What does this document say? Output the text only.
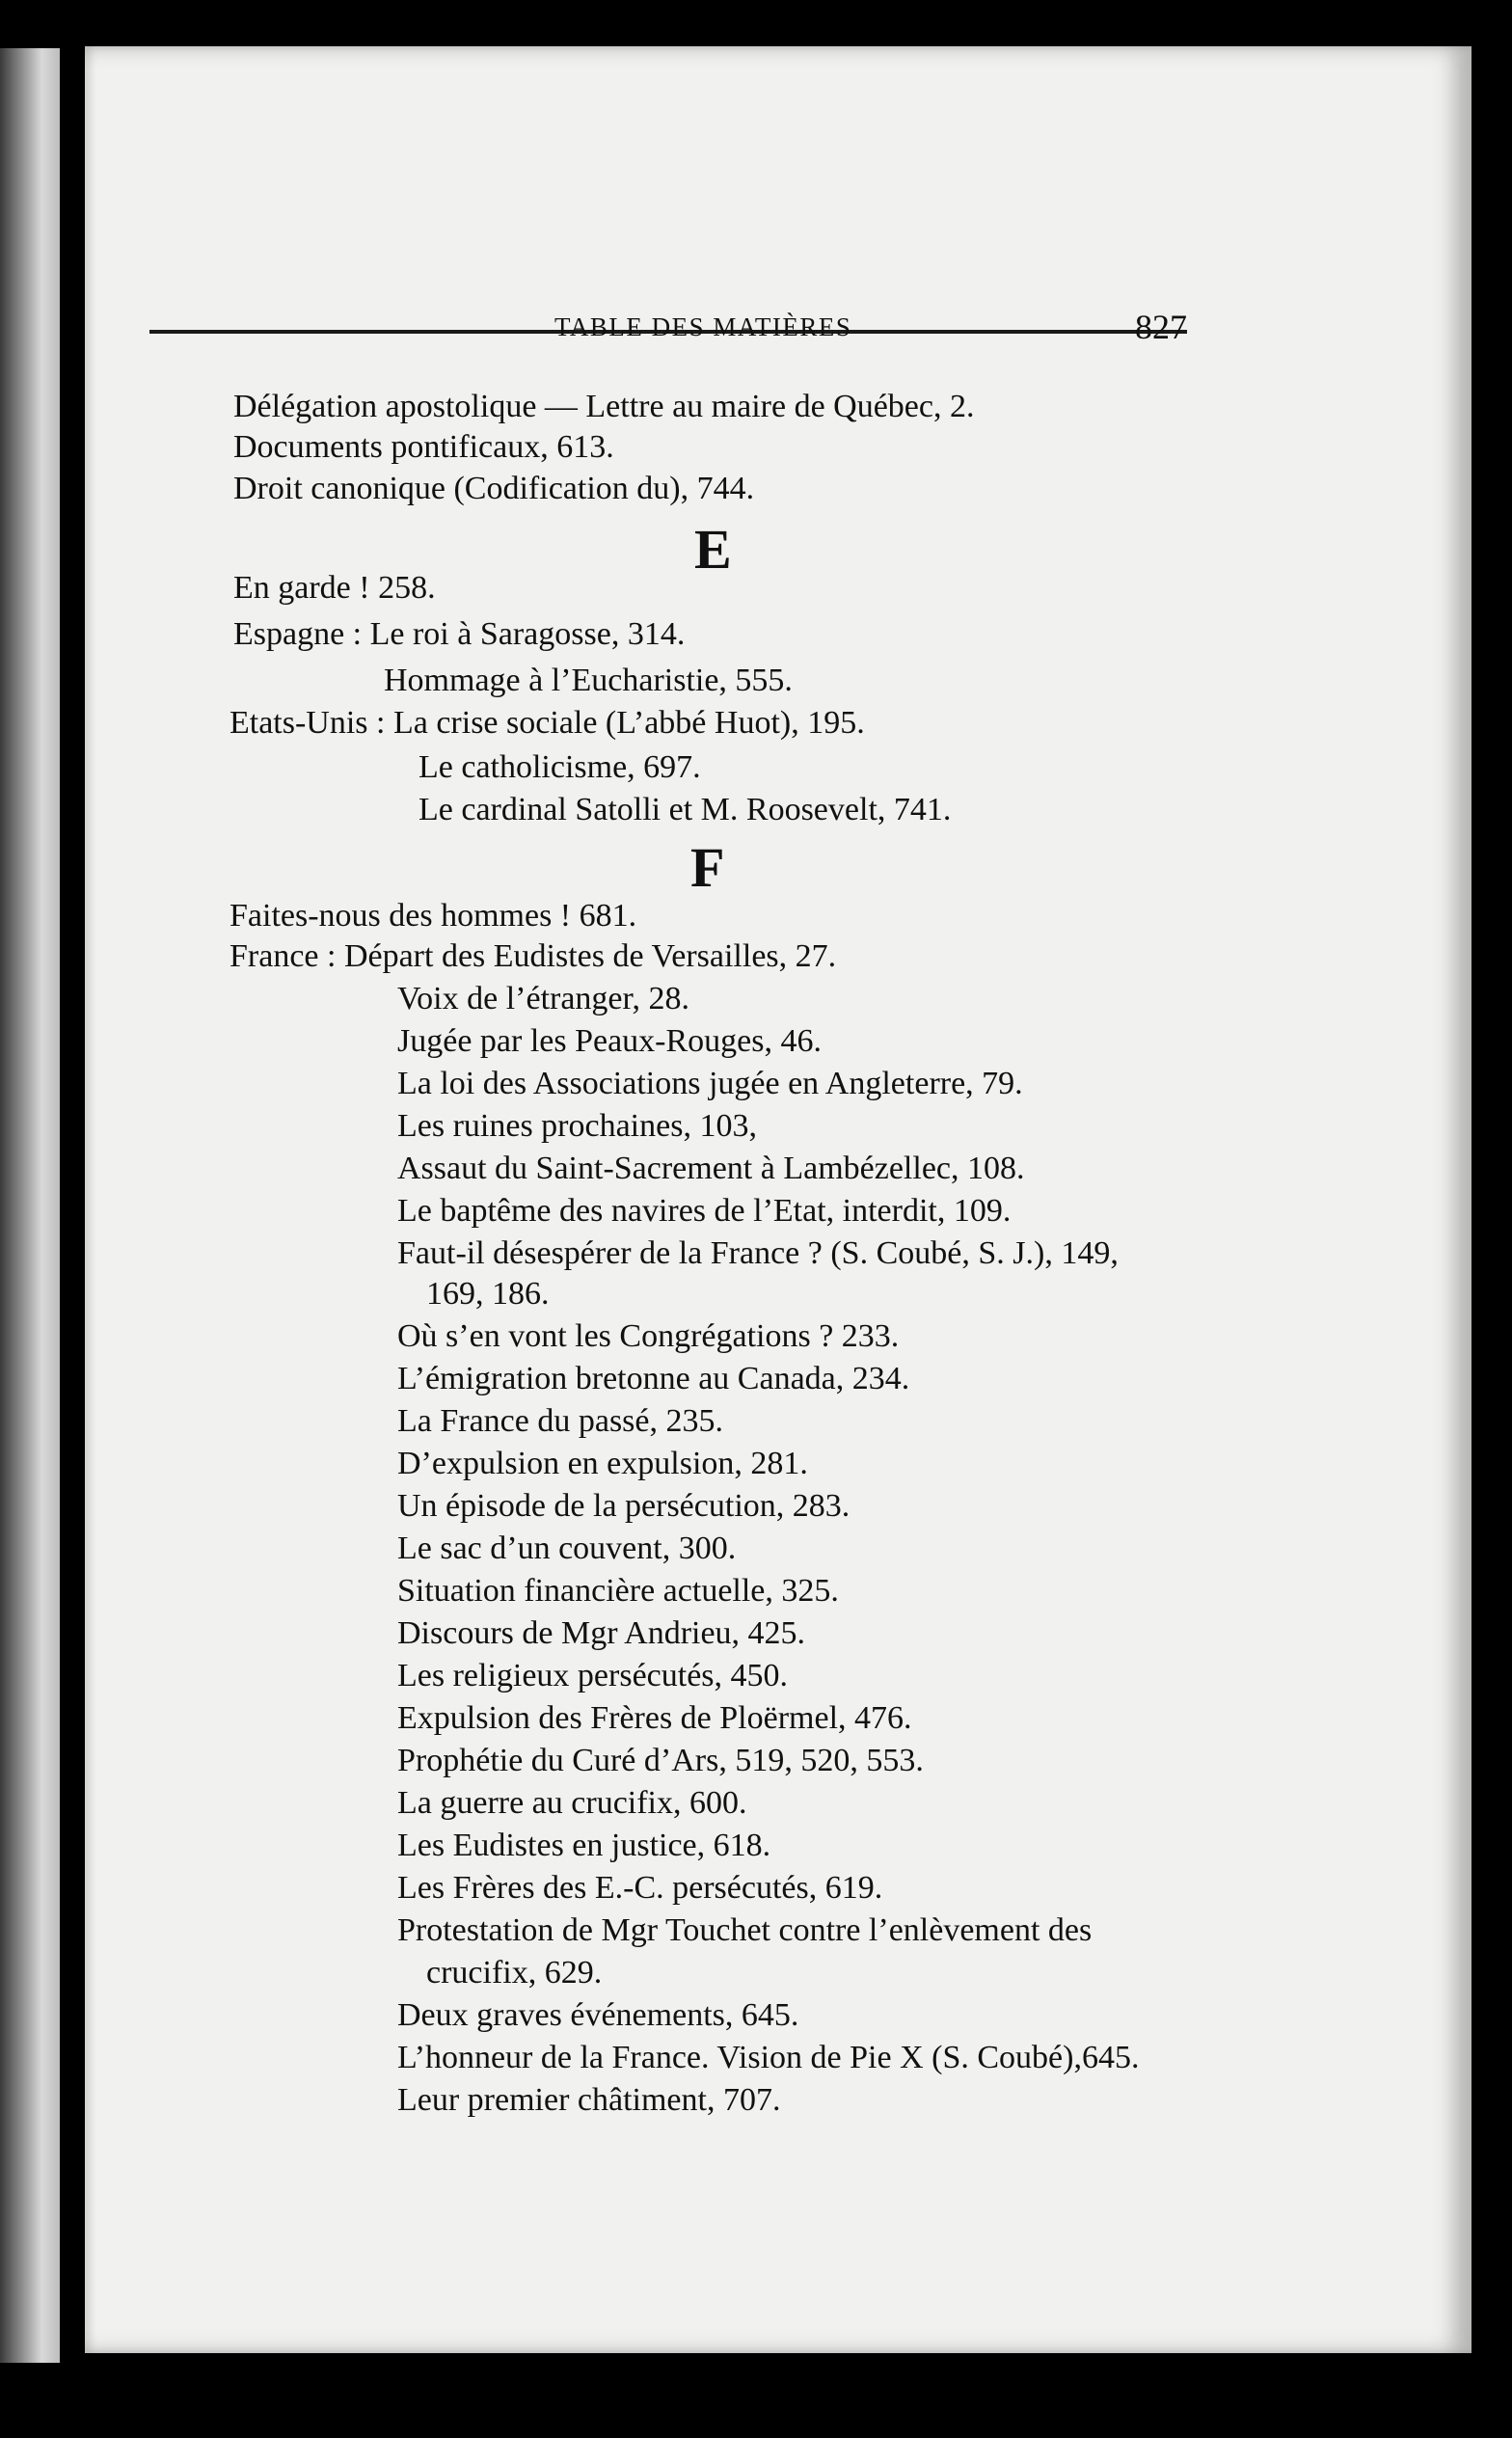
TABLE DES MATIÈRES	827
Délégation apostolique — Lettre au maire de Québec, 2.
Documents pontificaux, 613.
Droit canonique (Codification du), 744.
E
En garde ! 258.
Espagne : Le roi à Saragosse, 314.
Hommage à l’Eucharistie, 555.
Etats-Unis : La crise sociale (L’abbé Huot), 195.
Le catholicisme, 697.
Le cardinal Satolli et M. Roosevelt, 741.
F
Faites-nous des hommes ! 681.
France : Départ des Eudistes de Versailles, 27.
Voix de l’étranger, 28.
Jugée par les Peaux-Rouges, 46.
La loi des Associations jugée en Angleterre, 79.
Les ruines prochaines, 103,
Assaut du Saint-Sacrement à Lambézellec, 108.
Le baptême des navires de l’Etat, interdit, 109.
Faut-il désespérer de la France ? (S. Coubé, S. J.), 149,
169, 186.
Où s’en vont les Congrégations ? 233.
L’émigration bretonne au Canada, 234.
La France du passé, 235.
D’expulsion en expulsion, 281.
Un épisode de la persécution, 283.
Le sac d’un couvent, 300.
Situation financière actuelle, 325.
Discours de Mgr Andrieu, 425.
Les religieux persécutés, 450.
Expulsion des Frères de Ploërmel, 476.
Prophétie du Curé d’Ars, 519, 520, 553.
La guerre au crucifix, 600.
Les Eudistes en justice, 618.
Les Frères des E.-C. persécutés, 619.
Protestation de Mgr Touchet contre l’enlèvement des
crucifix, 629.
Deux graves événements, 645.
L’honneur de la France. Vision de Pie X (S. Coubé),645.
Leur premier châtiment, 707.
